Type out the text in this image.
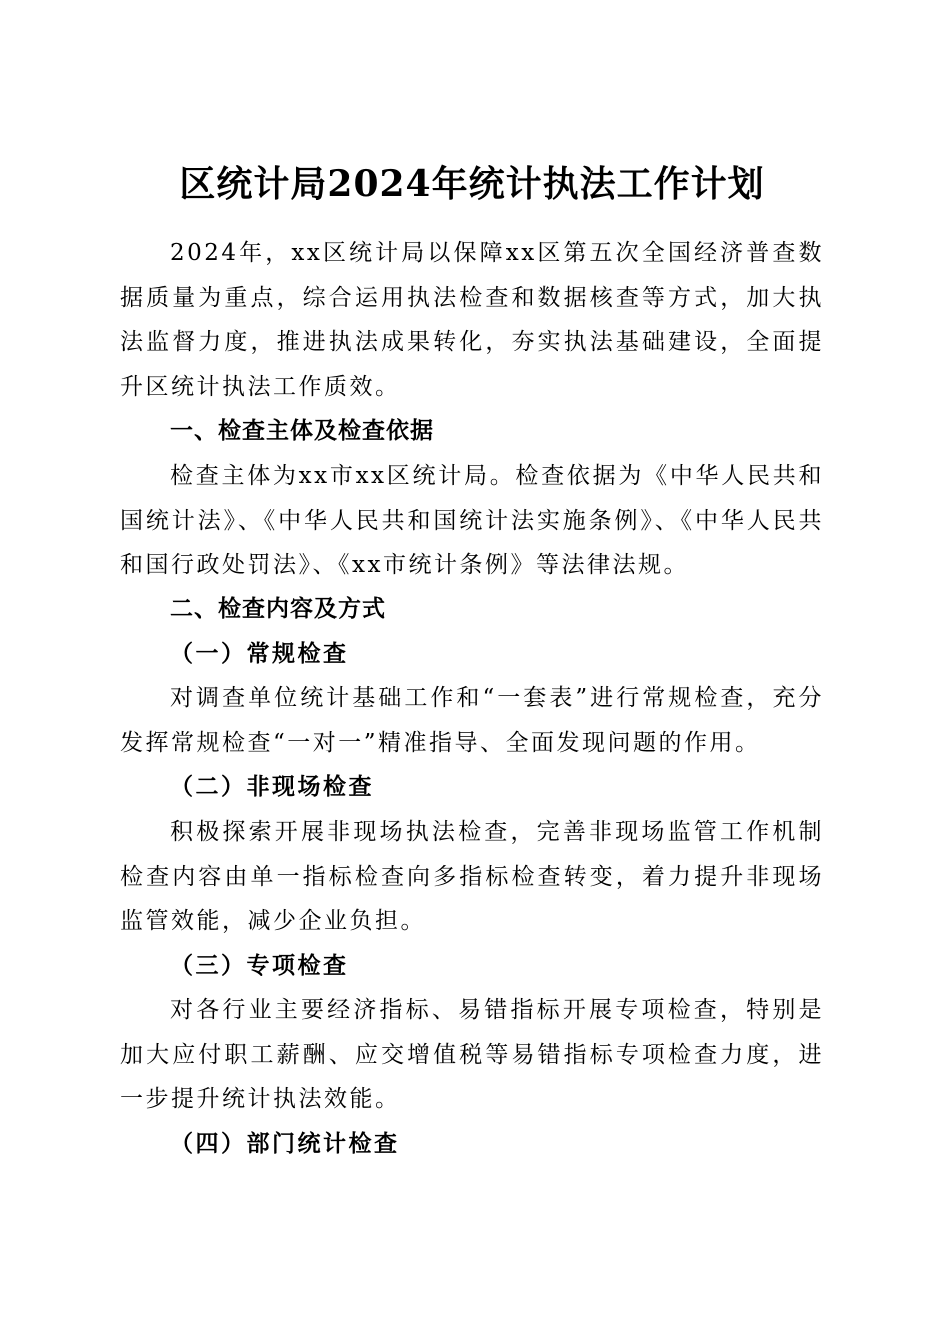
区统计局2024年统计执法工作计划

2024年，xx区统计局以保障xx区第五次全国经济普查数据质量为重点，综合运用执法检查和数据核查等方式，加大执法监督力度，推进执法成果转化，夯实执法基础建设，全面提升区统计执法工作质效。

一、检查主体及检查依据

检查主体为xx市xx区统计局。检查依据为《中华人民共和国统计法》、《中华人民共和国统计法实施条例》、《中华人民共和国行政处罚法》、《xx市统计条例》等法律法规。

二、检查内容及方式
（一）常规检查

对调查单位统计基础工作和“一套表”进行常规检查，充分发挥常规检查“一对一”精准指导、全面发现问题的作用。

（二）非现场检查

积极探索开展非现场执法检查，完善非现场监管工作机制检查内容由单一指标检查向多指标检查转变，着力提升非现场监管效能，减少企业负担。

（三）专项检查

对各行业主要经济指标、易错指标开展专项检查，特别是加大应付职工薪酬、应交增值税等易错指标专项检查力度，进一步提升统计执法效能。

（四）部门统计检查
